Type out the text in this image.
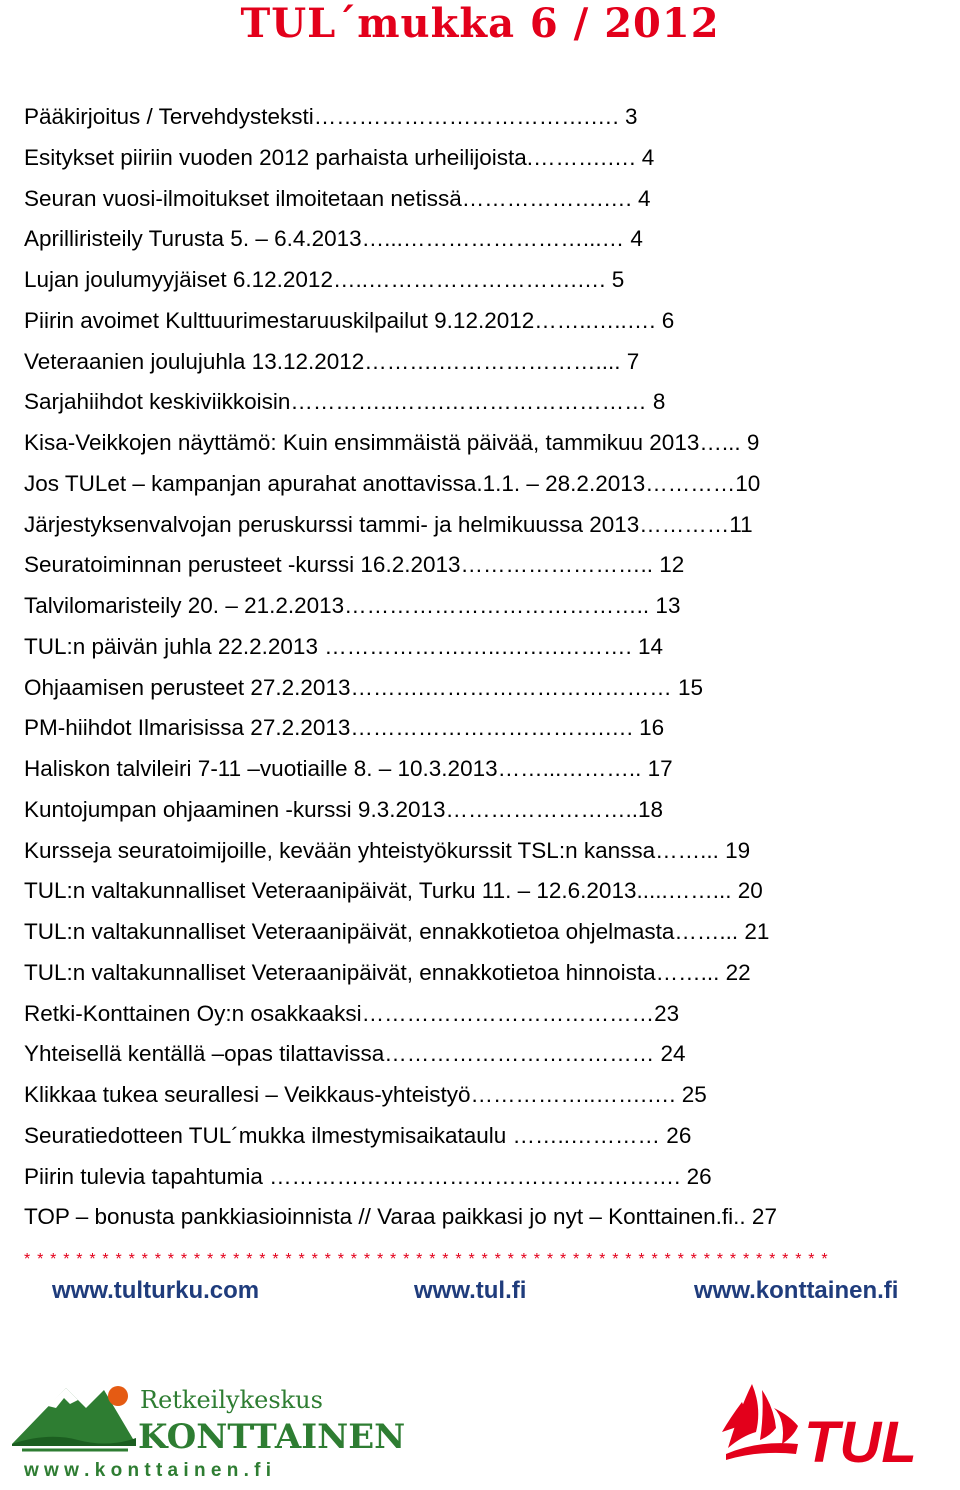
TUL´mukka 6 / 2012
Pääkirjoitus / Tervehdysteksti……………………………….…. 3
Esitykset piiriin vuoden 2012 parhaista urheilijoista.……….…. 4
Seuran vuosi-ilmoitukset ilmoitetaan netissä……………….…. 4
Aprilliristeily Turusta 5. – 6.4.2013…...……………………...… 4
Lujan joulumyyjäiset 6.12.2012…..……………………….…. 5
Piirin avoimet Kulttuurimestaruuskilpailut 9.12.2012……..…..…. 6
Veteraanien joulujuhla 13.12.2012……….………………….... 7
Sarjahiihdot keskiviikkoisin…………..…….……………………… 8
Kisa-Veikkojen näyttämö: Kuin ensimmäistä päivää, tammikuu 2013…... 9
Jos TULet – kampanjan apurahat anottavissa.1.1. – 28.2.2013…………10
Järjestyksenvalvojan peruskurssi tammi- ja helmikuussa 2013…………11
Seuratoiminnan perusteet -kurssi 16.2.2013…………………….. 12
Talvilomaristeily 20. – 21.2.2013………………………………….. 13
TUL:n päivän juhla 22.2.2013 ……………….…..….….………. 14
Ohjaamisen perusteet 27.2.2013……….…………………………… 15
PM-hiihdot Ilmarisissa 27.2.2013…………………………….…. 16
Haliskon talvileiri 7-11 –vuotiaille 8. – 10.3.2013……...……….. 17
Kuntojumpan ohjaaminen -kurssi 9.3.2013……………………..18
Kursseja seuratoimijoille, kevään yhteistyökurssit TSL:n kanssa……... 19
TUL:n valtakunnalliset Veteraanipäivät, Turku 11. – 12.6.2013.....……... 20
TUL:n valtakunnalliset Veteraanipäivät, ennakkotietoa ohjelmasta……... 21
TUL:n valtakunnalliset Veteraanipäivät, ennakkotietoa hinnoista……... 22
Retki-Konttainen Oy:n osakkaaksi…………………………………23
Yhteisellä kentällä –opas tilattavissa……………………………… 24
Klikkaa tukea seurallesi – Veikkaus-yhteistyö……………..…….…. 25
Seuratiedotteen TUL´mukka ilmestymisaikataulu ……..………… 26
Piirin tulevia tapahtumia ………………………………………………. 26
TOP – bonusta pankkiasioinnista // Varaa paikkasi jo nyt – Konttainen.fi.. 27
* * * * * * * * * * * * * * * * * * * * * * * * * * * * * * * * * * * * * * * * * * * * * * * * * * * * * * * * * * * * * *
www.tulturku.com	www.tul.fi	www.konttainen.fi
Retkeilykeskus
KONTTAINEN
w w w . k o n t t a i n e n . f i	TUL
